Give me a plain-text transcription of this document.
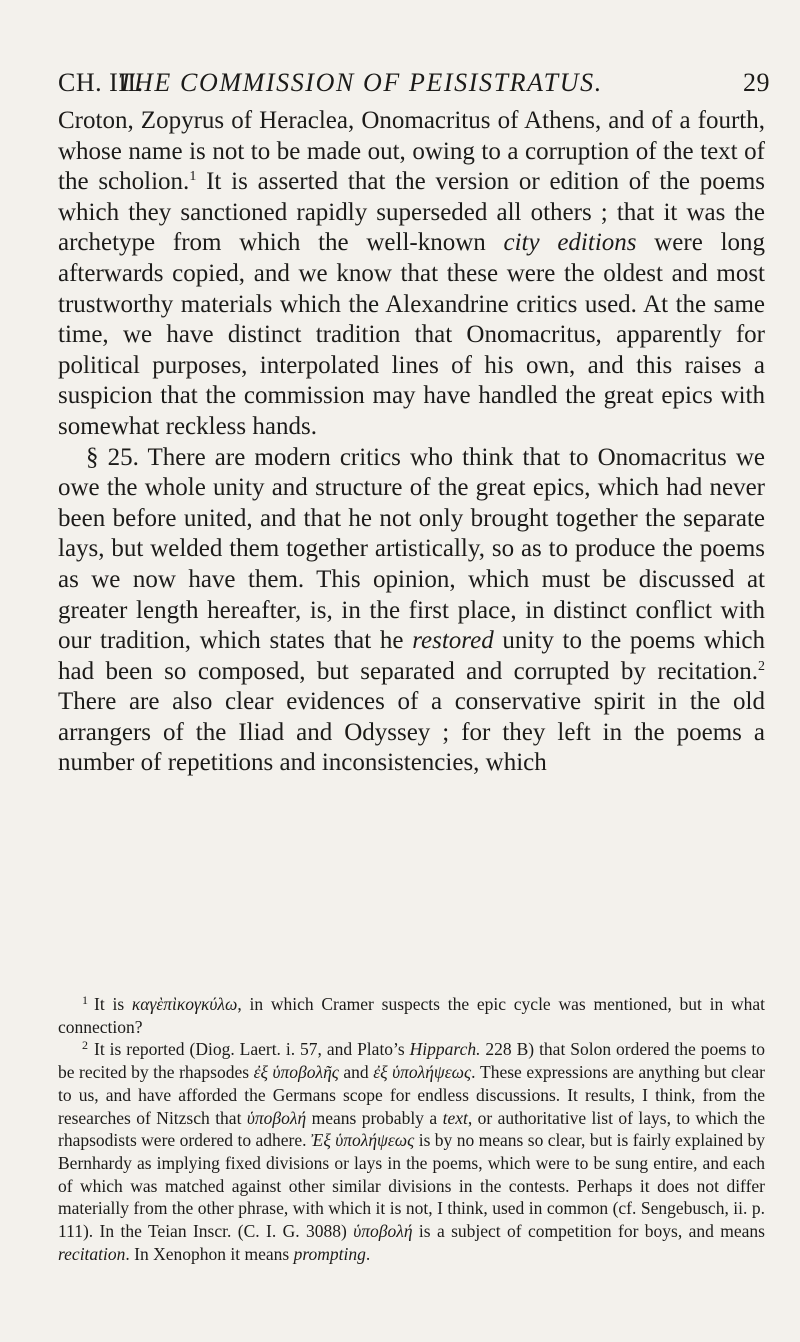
CH. III.
THE COMMISSION OF PEISISTRATUS.	29

Croton, Zopyrus of Heraclea, Onomacritus of Athens, and of a fourth, whose name is not to be made out, owing to a corruption of the text of the scholion.$^1$ It is asserted that the version or edition of the poems which they sanctioned rapidly superseded all others ; that it was the archetype from which the well-known city editions were long afterwards copied, and we know that these were the oldest and most trustworthy materials which the Alexandrine critics used. At the same time, we have distinct tradition that Onomacritus, apparently for political purposes, interpolated lines of his own, and this raises a suspicion that the commission may have handled the great epics with somewhat reckless hands.

§ 25. There are modern critics who think that to Onomacritus we owe the whole unity and structure of the great epics, which had never been before united, and that he not only brought together the separate lays, but welded them together artistically, so as to produce the poems as we now have them. This opinion, which must be discussed at greater length hereafter, is, in the first place, in distinct conflict with our tradition, which states that he restored unity to the poems which had been so composed, but separated and corrupted by recitation.$^2$ There are also clear evidences of a conservative spirit in the old arrangers of the Iliad and Odyssey ; for they left in the poems a number of repetitions and inconsistencies, which

$^1$ It is καγὲπὶκογκύλω, in which Cramer suspects the epic cycle was mentioned, but in what connection?

$^2$ It is reported (Diog. Laert. i. 57, and Plato’s Hipparch. 228 B) that Solon ordered the poems to be recited by the rhapsodes ἐξ ὑποβολῆς and ἐξ ὑπολήψεως. These expressions are anything but clear to us, and have afforded the Germans scope for endless discussions. It results, I think, from the researches of Nitzsch that ὑποβολή means probably a text, or authoritative list of lays, to which the rhapsodists were ordered to adhere. Ἐξ ὑπολήψεως is by no means so clear, but is fairly explained by Bernhardy as implying fixed divisions or lays in the poems, which were to be sung entire, and each of which was matched against other similar divisions in the contests. Perhaps it does not differ materially from the other phrase, with which it is not, I think, used in common (cf. Sengebusch, ii. p. 111). In the Teian Inscr. (C. I. G. 3088) ὑποβολή is a subject of competition for boys, and means recitation. In Xenophon it means prompting.
